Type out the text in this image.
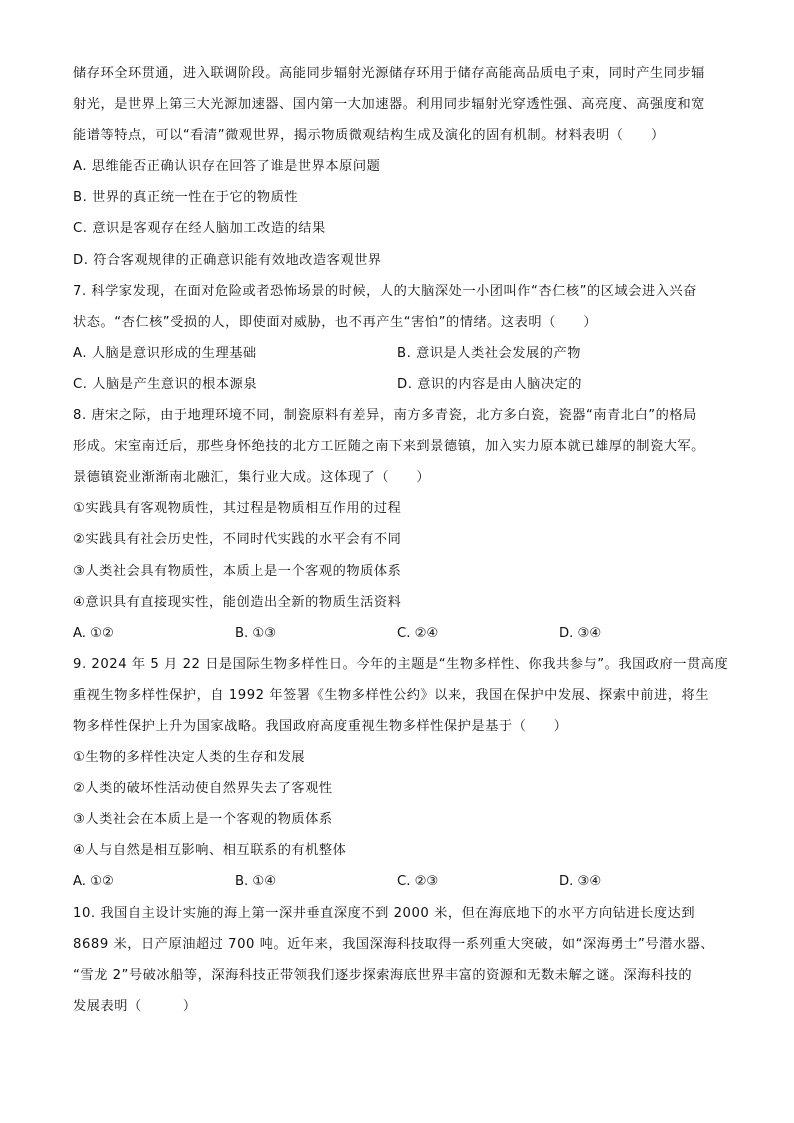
储存环全环贯通，进入联调阶段。高能同步辐射光源储存环用于储存高能高品质电子束，同时产生同步辐
射光，是世界上第三大光源加速器、国内第一大加速器。利用同步辐射光穿透性强、高亮度、高强度和宽
能谱等特点，可以“看清”微观世界，揭示物质微观结构生成及演化的固有机制。材料表明（　　）
A. 思维能否正确认识存在回答了谁是世界本原问题
B. 世界的真正统一性在于它的物质性
C. 意识是客观存在经人脑加工改造的结果
D. 符合客观规律的正确意识能有效地改造客观世界
7. 科学家发现，在面对危险或者恐怖场景的时候，人的大脑深处一小团叫作“杏仁核”的区域会进入兴奋
状态。“杏仁核”受损的人，即使面对威胁，也不再产生“害怕”的情绪。这表明（　　）
A. 人脑是意识形成的生理基础	B. 意识是人类社会发展的产物
C. 人脑是产生意识的根本源泉	D. 意识的内容是由人脑决定的
8. 唐宋之际，由于地理环境不同，制瓷原料有差异，南方多青瓷，北方多白瓷，瓷器“南青北白”的格局
形成。宋室南迁后，那些身怀绝技的北方工匠随之南下来到景德镇，加入实力原本就已雄厚的制瓷大军。
景德镇瓷业渐渐南北融汇，集行业大成。这体现了（　　）
①实践具有客观物质性，其过程是物质相互作用的过程
②实践具有社会历史性，不同时代实践的水平会有不同
③人类社会具有物质性，本质上是一个客观的物质体系
④意识具有直接现实性，能创造出全新的物质生活资料
A. ①②	B. ①③	C. ②④	D. ③④
9. 2024 年 5 月 22 日是国际生物多样性日。今年的主题是“生物多样性、你我共参与”。我国政府一贯高度
重视生物多样性保护，自 1992 年签署《生物多样性公约》以来，我国在保护中发展、探索中前进，将生
物多样性保护上升为国家战略。我国政府高度重视生物多样性保护是基于（　　）
①生物的多样性决定人类的生存和发展
②人类的破坏性活动使自然界失去了客观性
③人类社会在本质上是一个客观的物质体系
④人与自然是相互影响、相互联系的有机整体
A. ①②	B. ①④	C. ②③	D. ③④
10. 我国自主设计实施的海上第一深井垂直深度不到 2000 米，但在海底地下的水平方向钻进长度达到
8689 米，日产原油超过 700 吨。近年来，我国深海科技取得一系列重大突破，如“深海勇士”号潜水器、
“雪龙 2”号破冰船等，深海科技正带领我们逐步探索海底世界丰富的资源和无数未解之谜。深海科技的
发展表明（　　　）
